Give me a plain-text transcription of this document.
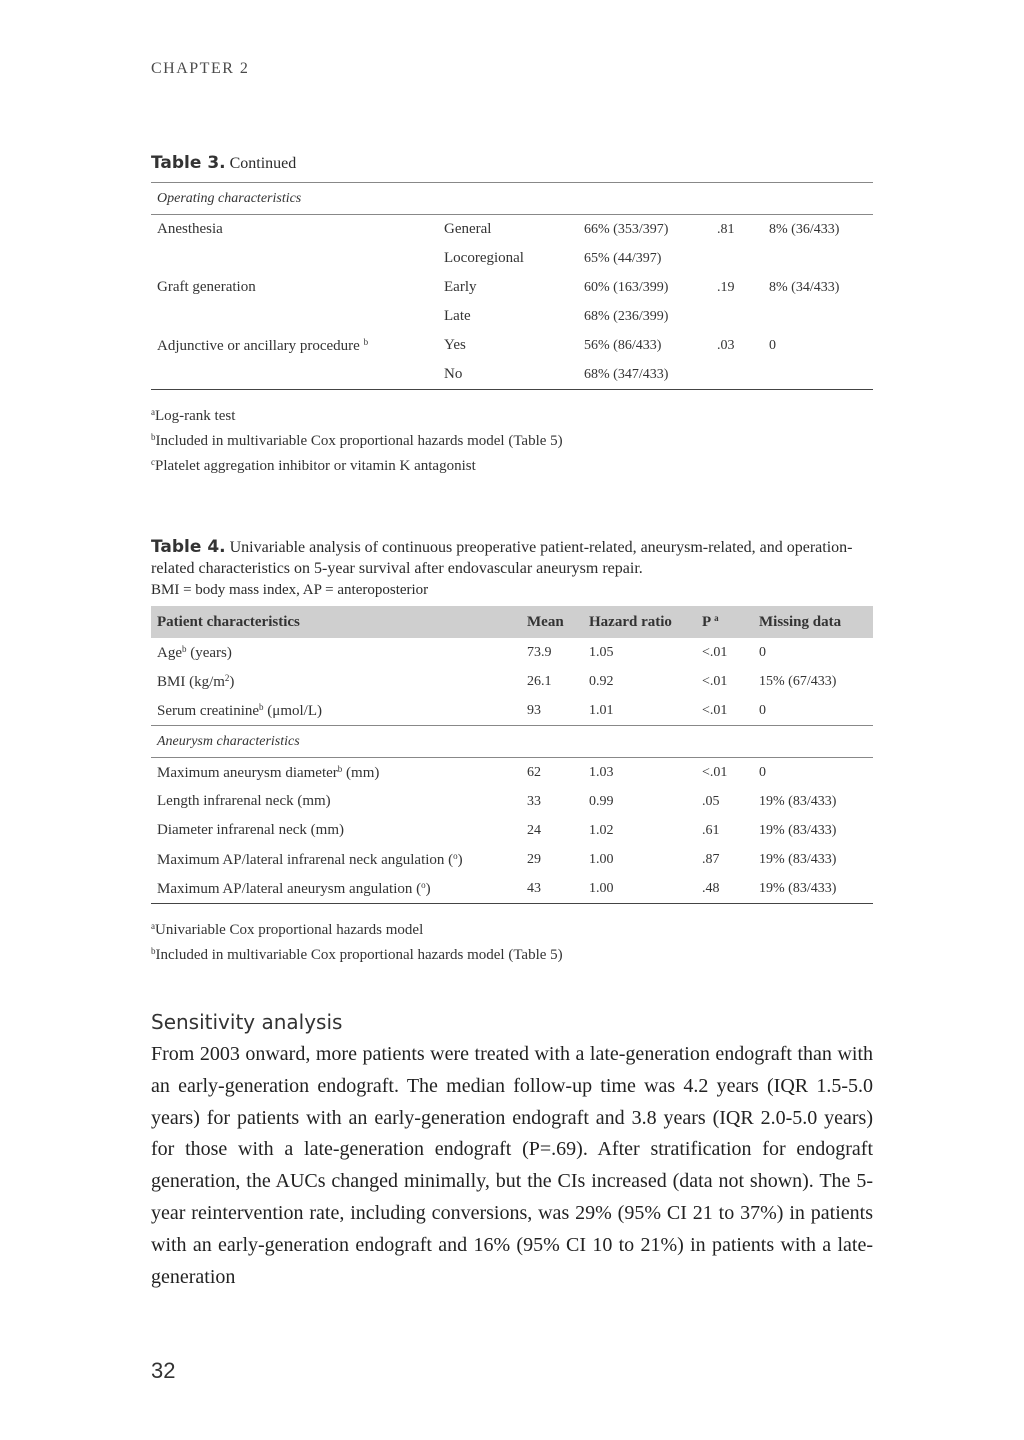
CHAPTER 2
Table 3. Continued
Operating characteristics				
Anesthesia	General	66% (353/397)	.81	8% (36/433)
	Locoregional	65% (44/397)		
Graft generation	Early	60% (163/399)	.19	8% (34/433)
	Late	68% (236/399)		
Adjunctive or ancillary procedure $^b$	Yes	56% (86/433)	.03	0
	No	68% (347/433)		
$^a$Log-rank test
$^b$Included in multivariable Cox proportional hazards model (Table 5)
$^c$Platelet aggregation inhibitor or vitamin K antagonist
Table 4. Univariable analysis of continuous preoperative patient-related, aneurysm-related, and operation-related characteristics on 5-year survival after endovascular aneurysm repair.
BMI = body mass index, AP = anteroposterior
Patient characteristics	Mean	Hazard ratio	P $^a$	Missing data
Age$^b$ (years)	73.9	1.05	<.01	0
BMI $(kg/m^2)$	26.1	0.92	<.01	15% (67/433)
Serum creatinine$^b$ (μmol/L)	93	1.01	<.01	0
Aneurysm characteristics				
Maximum aneurysm diameter$^b$ (mm)	62	1.03	<.01	0
Length infrarenal neck (mm)	33	0.99	.05	19% (83/433)
Diameter infrarenal neck (mm)	24	1.02	.61	19% (83/433)
Maximum AP/lateral infrarenal neck angulation ($^o$)	29	1.00	.87	19% (83/433)
Maximum AP/lateral aneurysm angulation ($^o$)	43	1.00	.48	19% (83/433)
$^a$Univariable Cox proportional hazards model
$^b$Included in multivariable Cox proportional hazards model (Table 5)
Sensitivity analysis
From 2003 onward, more patients were treated with a late-generation endograft than with an early-generation endograft. The median follow-up time was 4.2 years (IQR 1.5-5.0 years) for patients with an early-generation endograft and 3.8 years (IQR 2.0-5.0 years) for those with a late-generation endograft (P=.69). After stratification for endograft generation, the AUCs changed minimally, but the CIs increased (data not shown). The 5-year reintervention rate, including conversions, was 29% (95% CI 21 to 37%) in patients with an early-generation endograft and 16% (95% CI 10 to 21%) in patients with a late-generation
32
